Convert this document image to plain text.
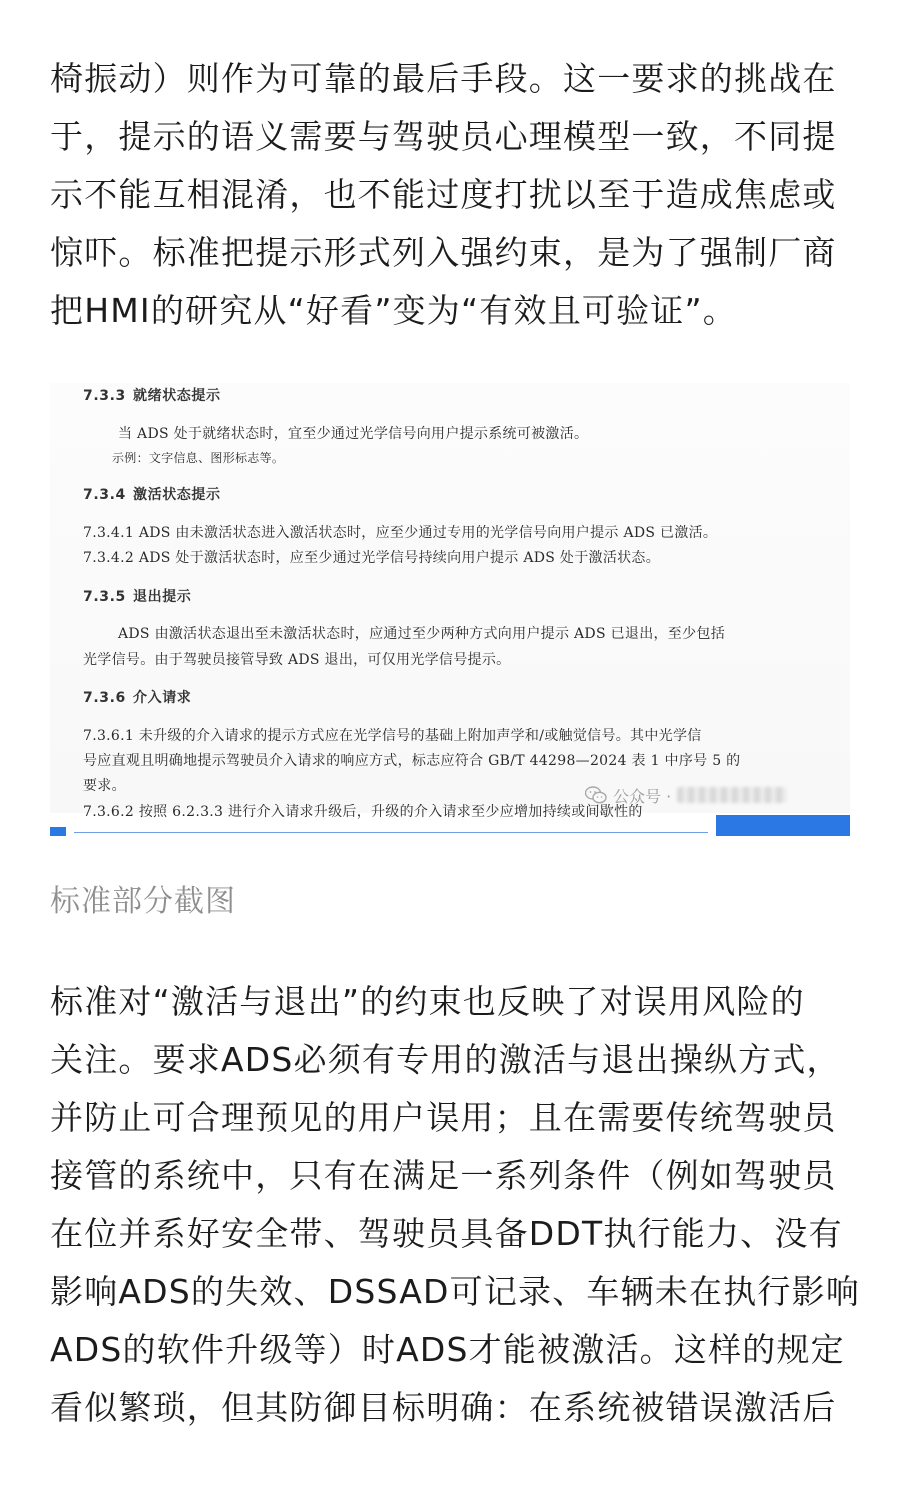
椅振动）则作为可靠的最后手段。这一要求的挑战在
于，提示的语义需要与驾驶员心理模型一致，不同提
示不能互相混淆，也不能过度打扰以至于造成焦虑或
惊吓。标准把提示形式列入强约束，是为了强制厂商
把HMI的研究从“好看”变为“有效且可验证”。
7.3.3 就绪状态提示
当 ADS 处于就绪状态时，宜至少通过光学信号向用户提示系统可被激活。
示例：文字信息、图形标志等。
7.3.4 激活状态提示
7.3.4.1 ADS 由未激活状态进入激活状态时，应至少通过专用的光学信号向用户提示 ADS 已激活。
7.3.4.2 ADS 处于激活状态时，应至少通过光学信号持续向用户提示 ADS 处于激活状态。
7.3.5 退出提示
ADS 由激活状态退出至未激活状态时，应通过至少两种方式向用户提示 ADS 已退出，至少包括
光学信号。由于驾驶员接管导致 ADS 退出，可仅用光学信号提示。
7.3.6 介入请求
7.3.6.1 未升级的介入请求的提示方式应在光学信号的基础上附加声学和/或触觉信号。其中光学信
号应直观且明确地提示驾驶员介入请求的响应方式，标志应符合 GB/T 44298—2024 表 1 中序号 5 的
要求。
7.3.6.2 按照 6.2.3.3 进行介入请求升级后，升级的介入请求至少应增加持续或间歇性的
公众号 ·
标准部分截图
标准对“激活与退出”的约束也反映了对误用风险的
关注。要求ADS必须有专用的激活与退出操纵方式，
并防止可合理预见的用户误用；且在需要传统驾驶员
接管的系统中，只有在满足一系列条件（例如驾驶员
在位并系好安全带、驾驶员具备DDT执行能力、没有
影响ADS的失效、DSSAD可记录、车辆未在执行影响
ADS的软件升级等）时ADS才能被激活。这样的规定
看似繁琐，但其防御目标明确：在系统被错误激活后
